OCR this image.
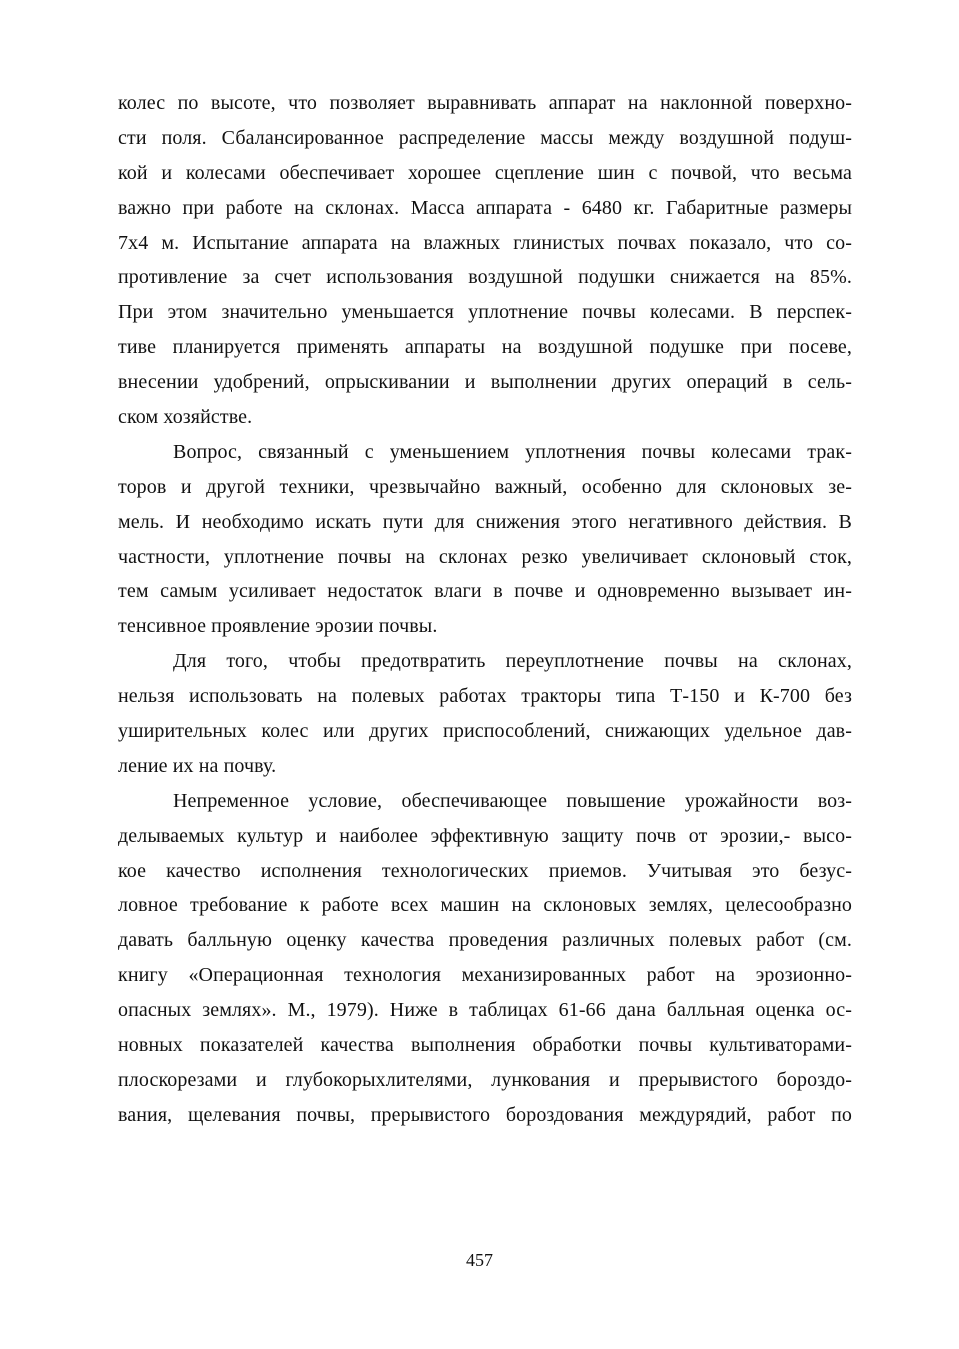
колес по высоте, что позволяет выравнивать аппарат на наклонной поверхно-
сти поля. Сбалансированное распределение массы между воздушной подуш-
кой и колесами обеспечивает хорошее сцепление шин с почвой, что весьма
важно при работе на склонах. Масса аппарата - 6480 кг. Габаритные размеры
7х4 м. Испытание аппарата на влажных глинистых почвах показало, что со-
противление за счет использования воздушной подушки снижается на 85%.
При этом значительно уменьшается уплотнение почвы колесами. В перспек-
тиве планируется применять аппараты на воздушной подушке при посеве,
внесении удобрений, опрыскивании и выполнении других операций в сель-
ском хозяйстве.
Вопрос, связанный с уменьшением уплотнения почвы колесами трак-
торов и другой техники, чрезвычайно важный, особенно для склоновых зе-
мель. И необходимо искать пути для снижения этого негативного действия. В
частности, уплотнение почвы на склонах резко увеличивает склоновый сток,
тем самым усиливает недостаток влаги в почве и одновременно вызывает ин-
тенсивное проявление эрозии почвы.
Для того, чтобы предотвратить переуплотнение почвы на склонах,
нельзя использовать на полевых работах тракторы типа Т-150 и К-700 без
уширительных колес или других приспособлений, снижающих удельное дав-
ление их на почву.
Непременное условие, обеспечивающее повышение урожайности воз-
делываемых культур и наиболее эффективную защиту почв от эрозии,- высо-
кое качество исполнения технологических приемов. Учитывая это безус-
ловное требование к работе всех машин на склоновых землях, целесообразно
давать балльную оценку качества проведения различных полевых работ (см.
книгу «Операционная технология механизированных работ на эрозионно-
опасных землях». М., 1979). Ниже в таблицах 61-66 дана балльная оценка ос-
новных показателей качества выполнения обработки почвы культиваторами-
плоскорезами и глубокорыхлителями, лункования и прерывистого бороздо-
вания, щелевания почвы, прерывистого бороздования междурядий, работ по
457
